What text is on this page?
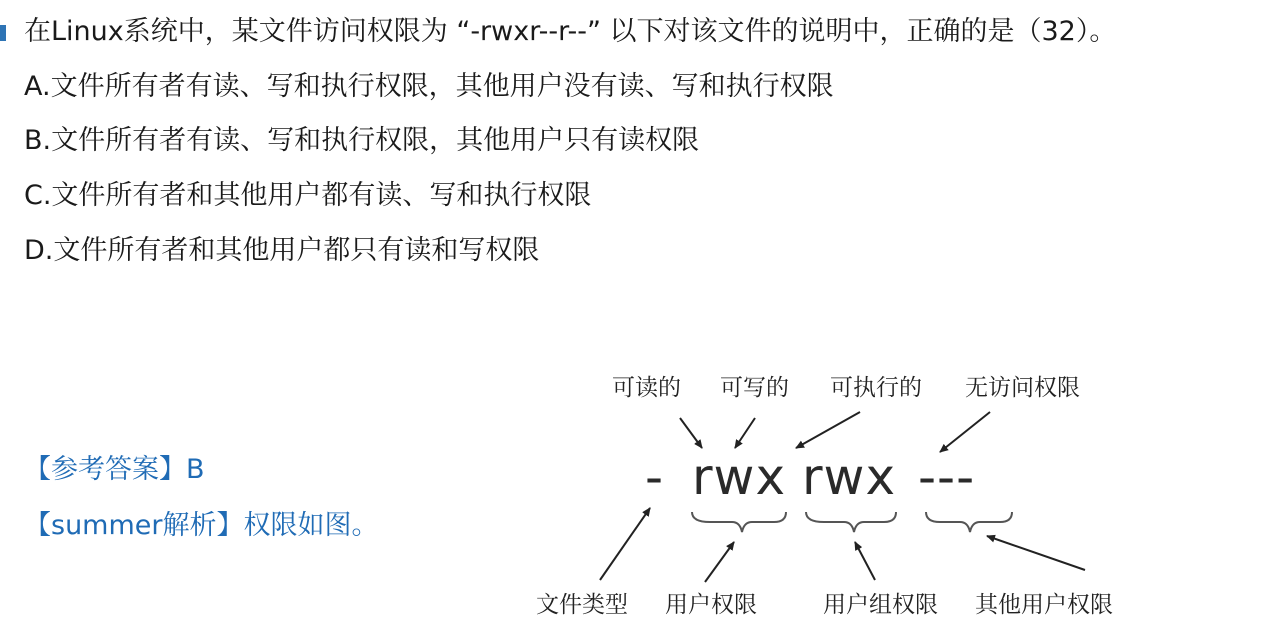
在Linux系统中，某文件访问权限为 “-rwxr--r--” 以下对该文件的说明中，正确的是（32）。
A.文件所有者有读、写和执行权限，其他用户没有读、写和执行权限
B.文件所有者有读、写和执行权限，其他用户只有读权限
C.文件所有者和其他用户都有读、写和执行权限
D.文件所有者和其他用户都只有读和写权限
【参考答案】B
【summer解析】权限如图。
可读的 可写的 可执行的 无访问权限
- rwx rwx ---
文件类型 用户权限	用户组权限 其他用户权限
-rwxrwx---
